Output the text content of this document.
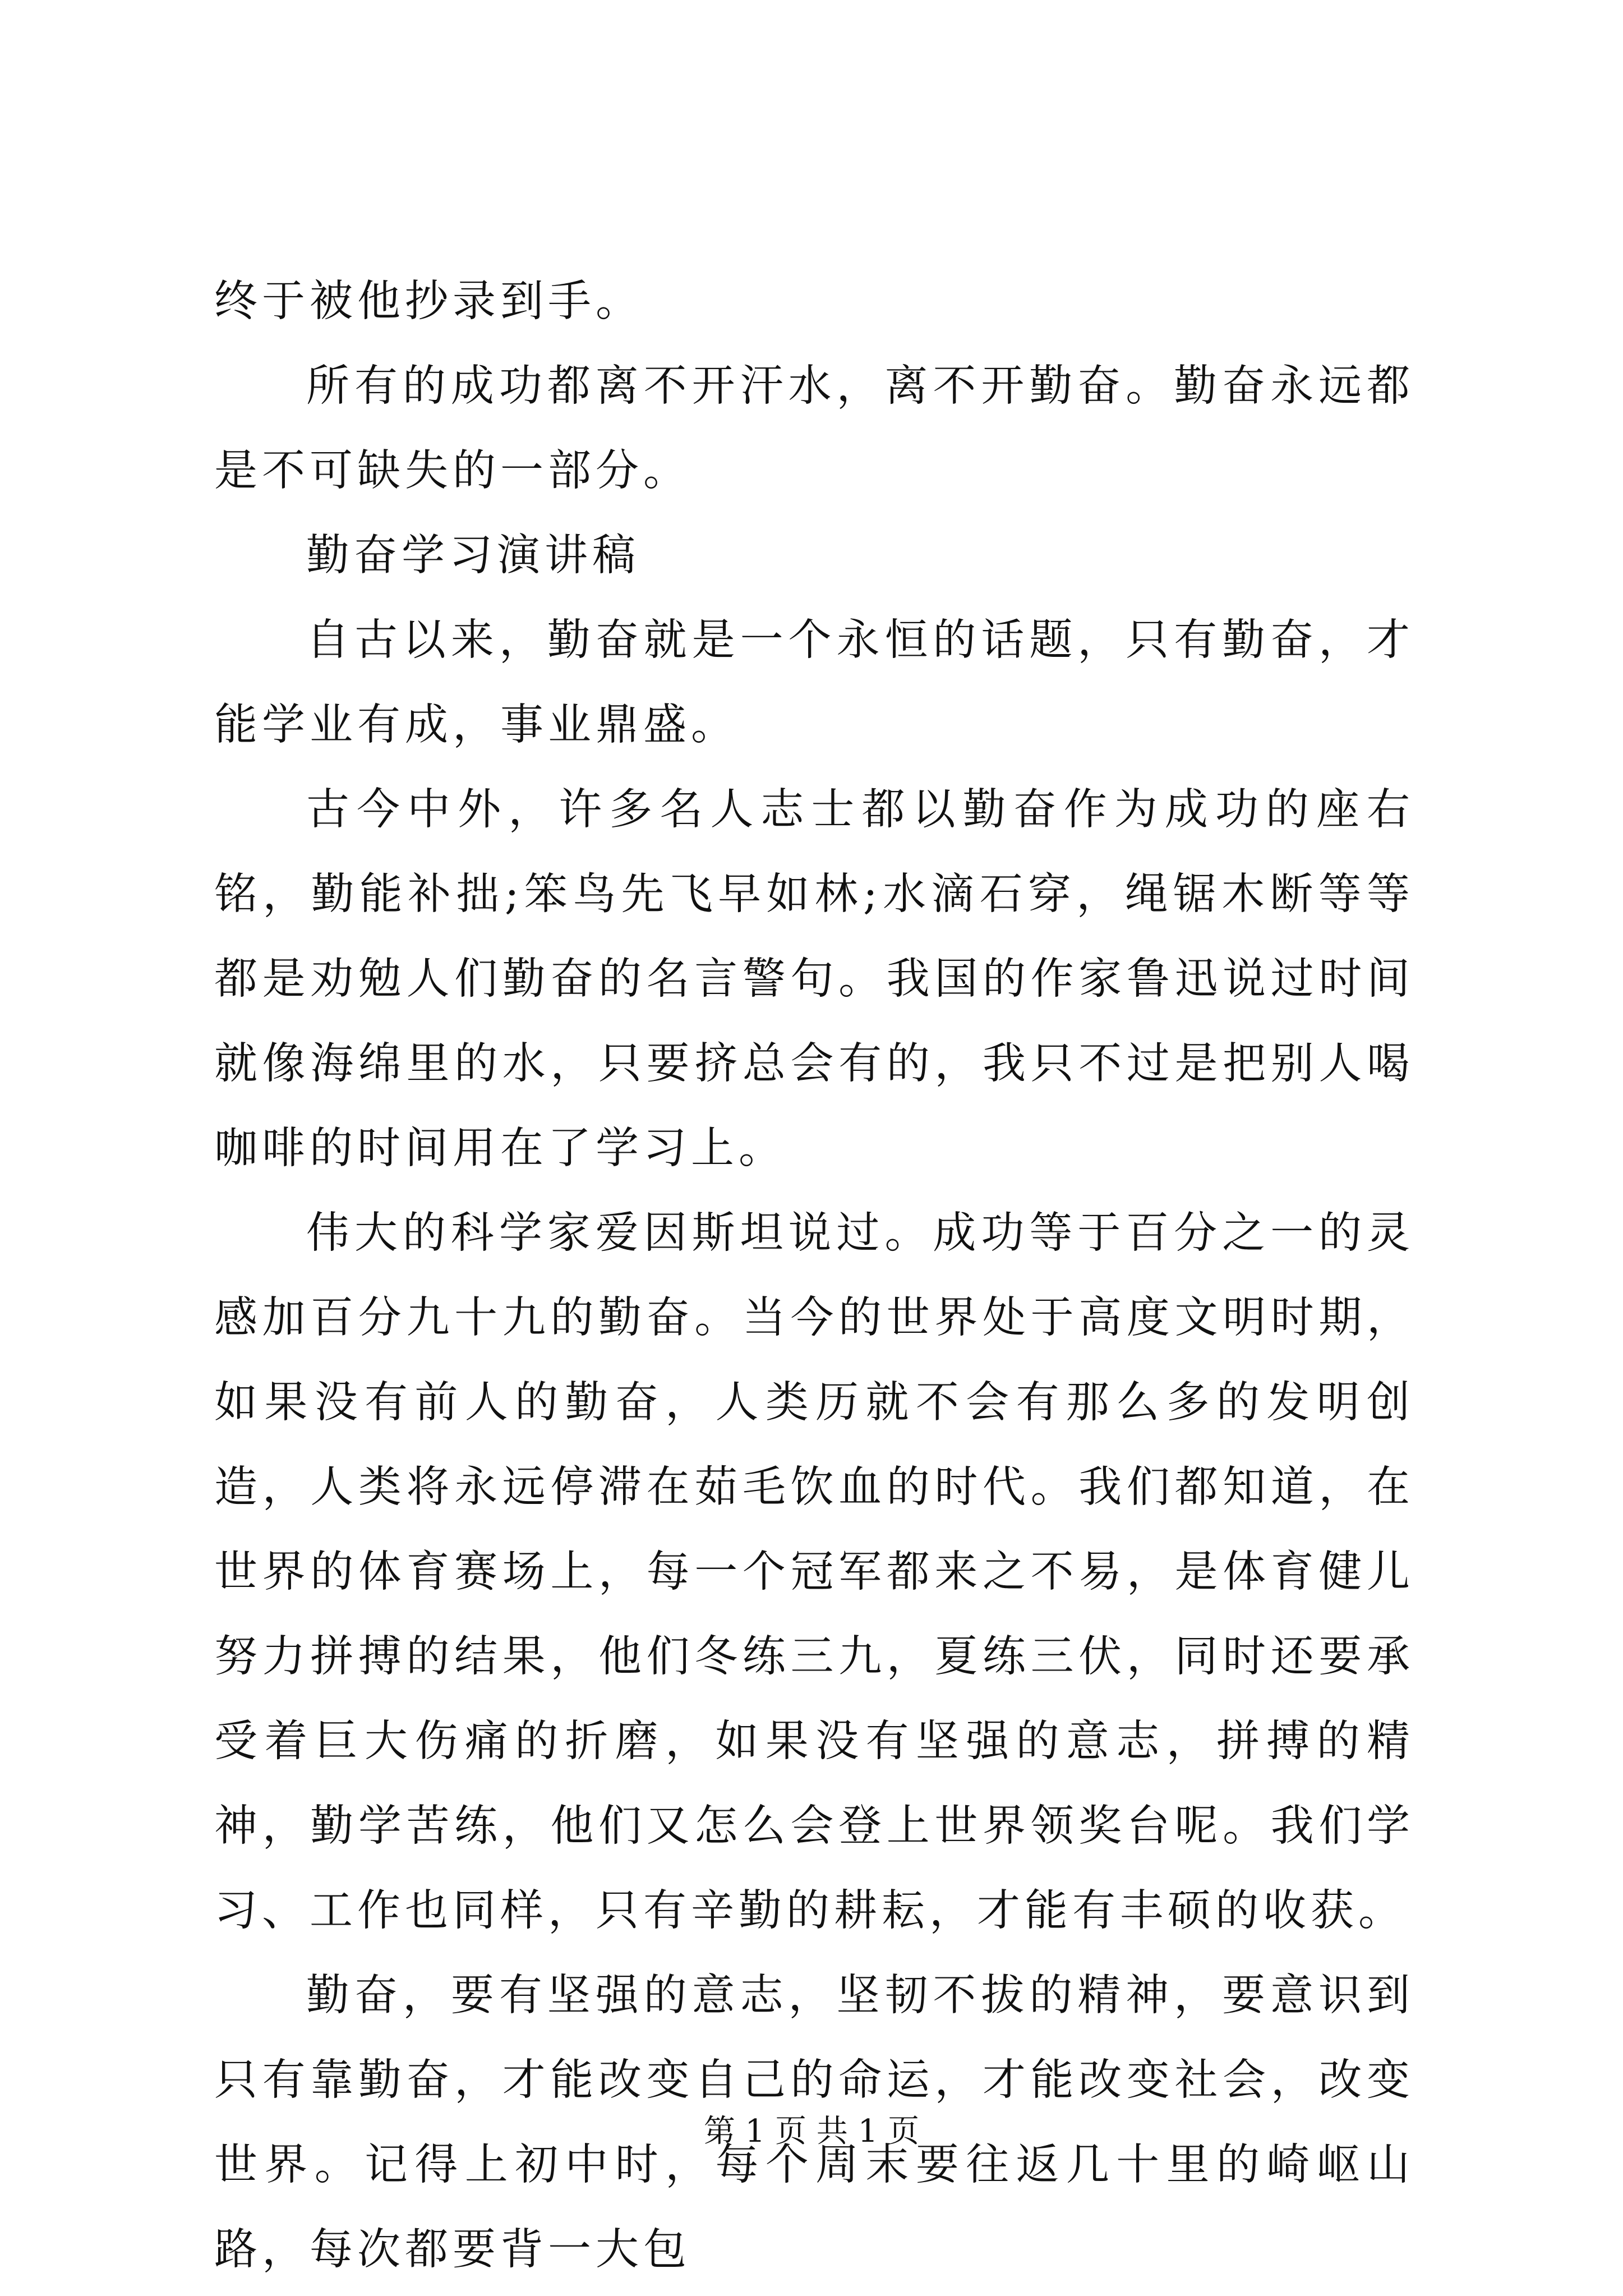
终于被他抄录到手。

所有的成功都离不开汗水，离不开勤奋。勤奋永远都是不可缺失的一部分。

勤奋学习演讲稿

自古以来，勤奋就是一个永恒的话题，只有勤奋，才能学业有成，事业鼎盛。

古今中外，许多名人志士都以勤奋作为成功的座右铭，勤能补拙;笨鸟先飞早如林;水滴石穿，绳锯木断等等都是劝勉人们勤奋的名言警句。我国的作家鲁迅说过时间就像海绵里的水，只要挤总会有的，我只不过是把别人喝咖啡的时间用在了学习上。

伟大的科学家爱因斯坦说过。成功等于百分之一的灵感加百分九十九的勤奋。当今的世界处于高度文明时期，如果没有前人的勤奋，人类历就不会有那么多的发明创造，人类将永远停滞在茹毛饮血的时代。我们都知道，在世界的体育赛场上，每一个冠军都来之不易，是体育健儿努力拼搏的结果，他们冬练三九，夏练三伏，同时还要承受着巨大伤痛的折磨，如果没有坚强的意志，拼搏的精神，勤学苦练，他们又怎么会登上世界领奖台呢。我们学习、工作也同样，只有辛勤的耕耘，才能有丰硕的收获。

勤奋，要有坚强的意志，坚韧不拔的精神，要意识到只有靠勤奋，才能改变自己的命运，才能改变社会，改变世界。记得上初中时，每个周末要往返几十里的崎岖山路，每次都要背一大包

第 1 页 共 1 页
